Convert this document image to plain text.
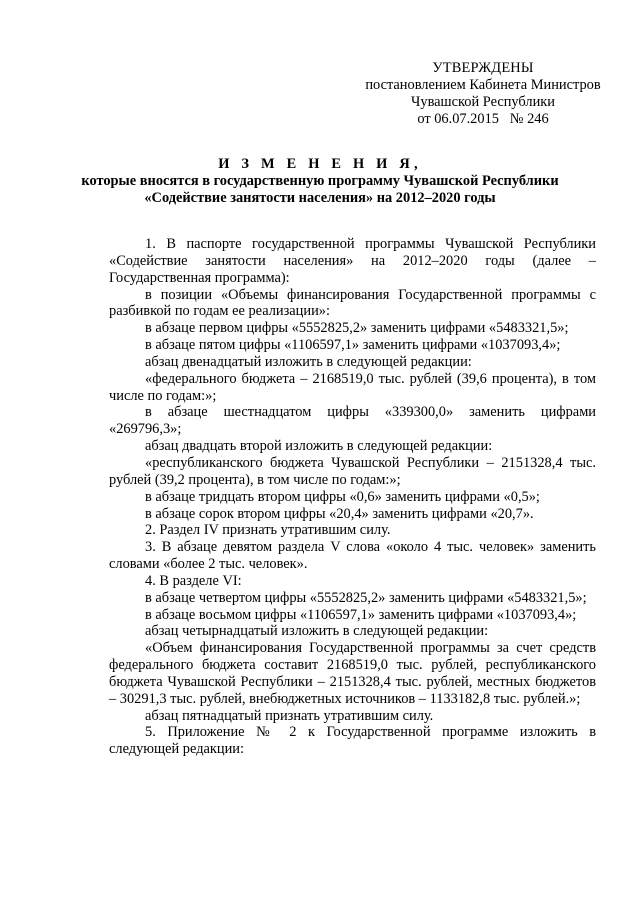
УТВЕРЖДЕНЫ
постановлением Кабинета Министров
Чувашской Республики
от 06.07.2015   № 246
И З М Е Н Е Н И Я,
которые вносятся в государственную программу Чувашской Республики
«Содействие занятости населения» на 2012–2020 годы

1. В паспорте государственной программы Чувашской Республики «Содействие занятости населения» на 2012–2020 годы (далее – Государственная программа):

в позиции «Объемы финансирования Государственной программы с разбивкой по годам ее реализации»:

в абзаце первом цифры «5552825,2» заменить цифрами «5483321,5»;

в абзаце пятом цифры «1106597,1» заменить цифрами «1037093,4»;

абзац двенадцатый изложить в следующей редакции:

«федерального бюджета – 2168519,0 тыс. рублей (39,6 процента), в том числе по годам:»;

в абзаце шестнадцатом цифры «339300,0» заменить цифрами «269796,3»;

абзац двадцать второй изложить в следующей редакции:

«республиканского бюджета Чувашской Республики – 2151328,4 тыс. рублей (39,2 процента), в том числе по годам:»;

в абзаце тридцать втором цифры «0,6» заменить цифрами «0,5»;

в абзаце сорок втором цифры «20,4» заменить цифрами «20,7».

2. Раздел IV признать утратившим силу.

3. В абзаце девятом раздела V слова «около 4 тыс. человек» заменить словами «более 2 тыс. человек».

4. В разделе VI:

в абзаце четвертом цифры «5552825,2» заменить цифрами «5483321,5»;

в абзаце восьмом цифры «1106597,1» заменить цифрами «1037093,4»;

абзац четырнадцатый изложить в следующей редакции:

«Объем финансирования Государственной программы за счет средств федерального бюджета составит 2168519,0 тыс. рублей, республиканского бюджета Чувашской Республики – 2151328,4 тыс. рублей, местных бюджетов – 30291,3 тыс. рублей, внебюджетных источников – 1133182,8 тыс. рублей.»;

абзац пятнадцатый признать утратившим силу.

5. Приложение № 2 к Государственной программе изложить в следующей редакции:
